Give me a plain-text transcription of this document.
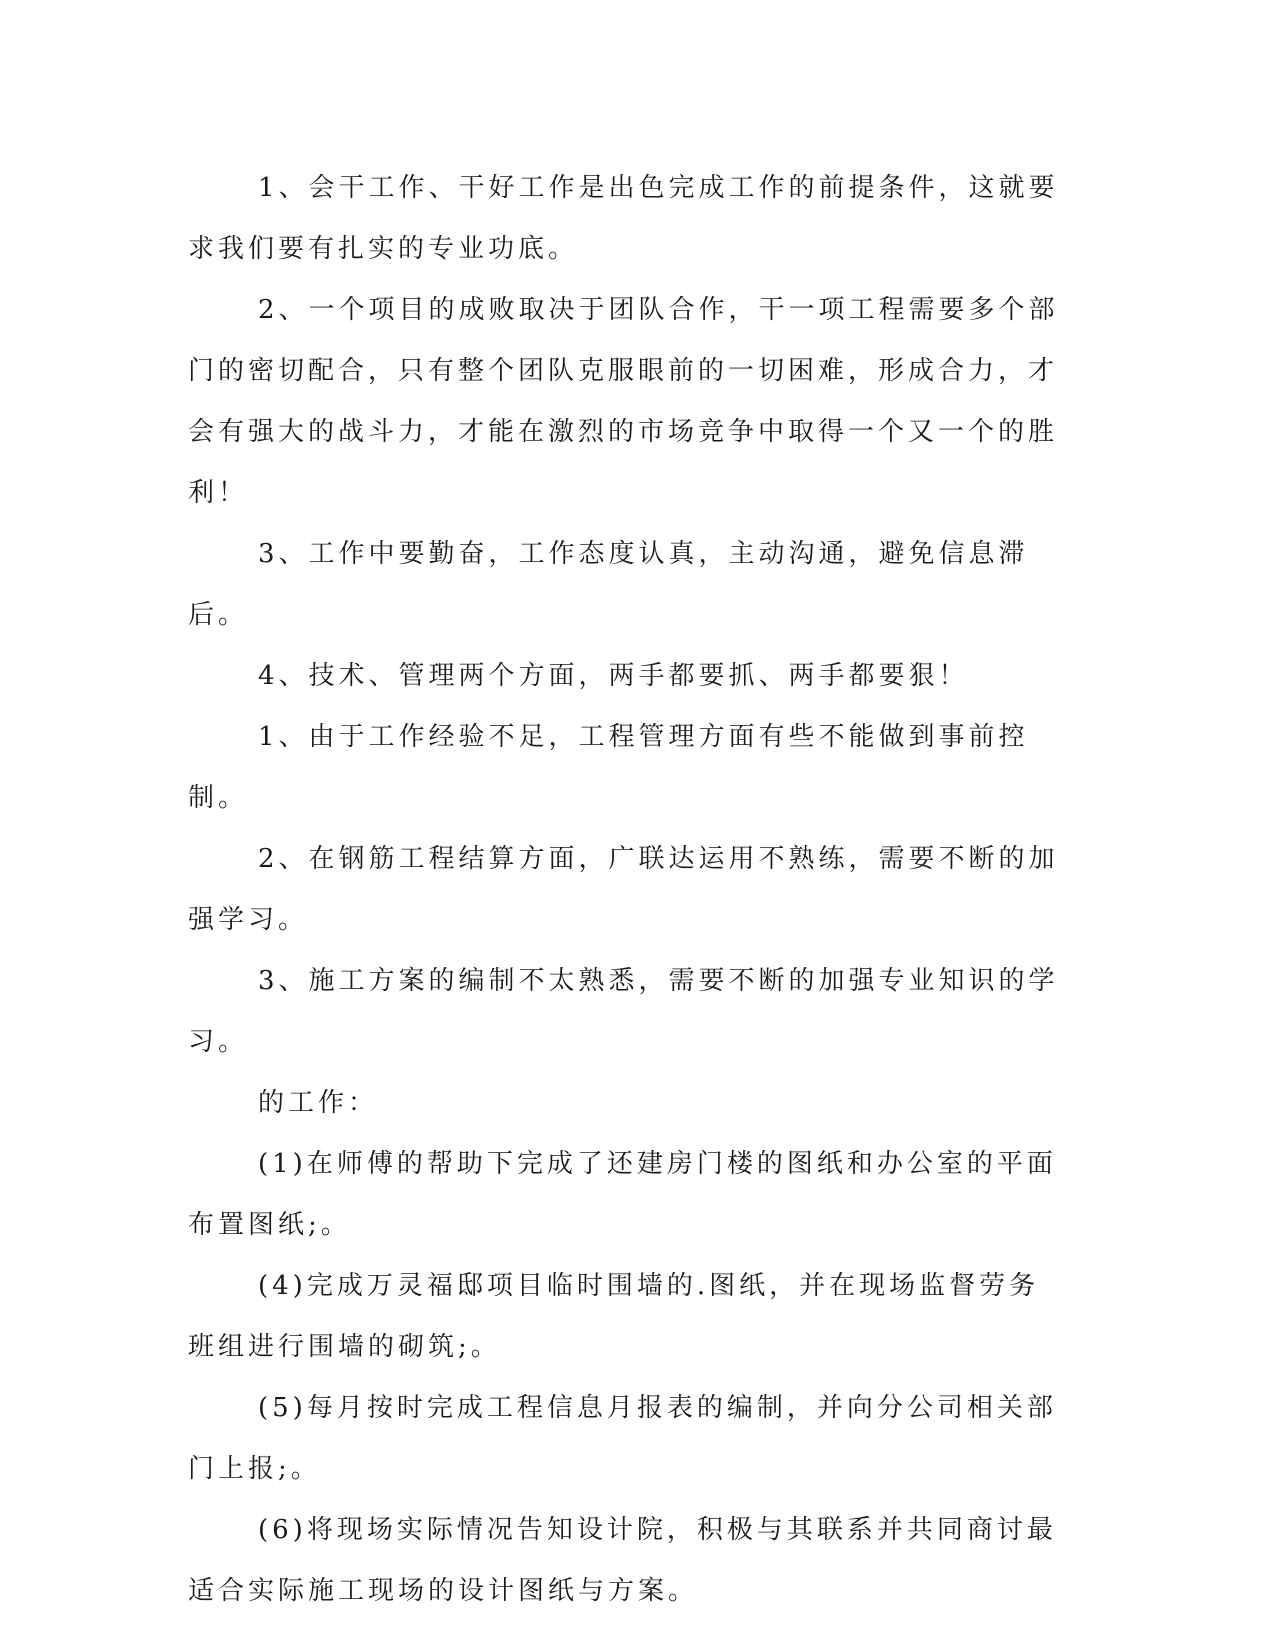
1、会干工作、干好工作是出色完成工作的前提条件，这就要求我们要有扎实的专业功底。

2、一个项目的成败取决于团队合作，干一项工程需要多个部门的密切配合，只有整个团队克服眼前的一切困难，形成合力，才会有强大的战斗力，才能在激烈的市场竞争中取得一个又一个的胜利！

3、工作中要勤奋，工作态度认真，主动沟通，避免信息滞后。

4、技术、管理两个方面，两手都要抓、两手都要狠！

1、由于工作经验不足，工程管理方面有些不能做到事前控制。

2、在钢筋工程结算方面，广联达运用不熟练，需要不断的加强学习。

3、施工方案的编制不太熟悉，需要不断的加强专业知识的学习。

的工作：

(1)在师傅的帮助下完成了还建房门楼的图纸和办公室的平面布置图纸;。

(4)完成万灵福邸项目临时围墙的.图纸，并在现场监督劳务班组进行围墙的砌筑;。

(5)每月按时完成工程信息月报表的编制，并向分公司相关部门上报;。

(6)将现场实际情况告知设计院，积极与其联系并共同商讨最适合实际施工现场的设计图纸与方案。
